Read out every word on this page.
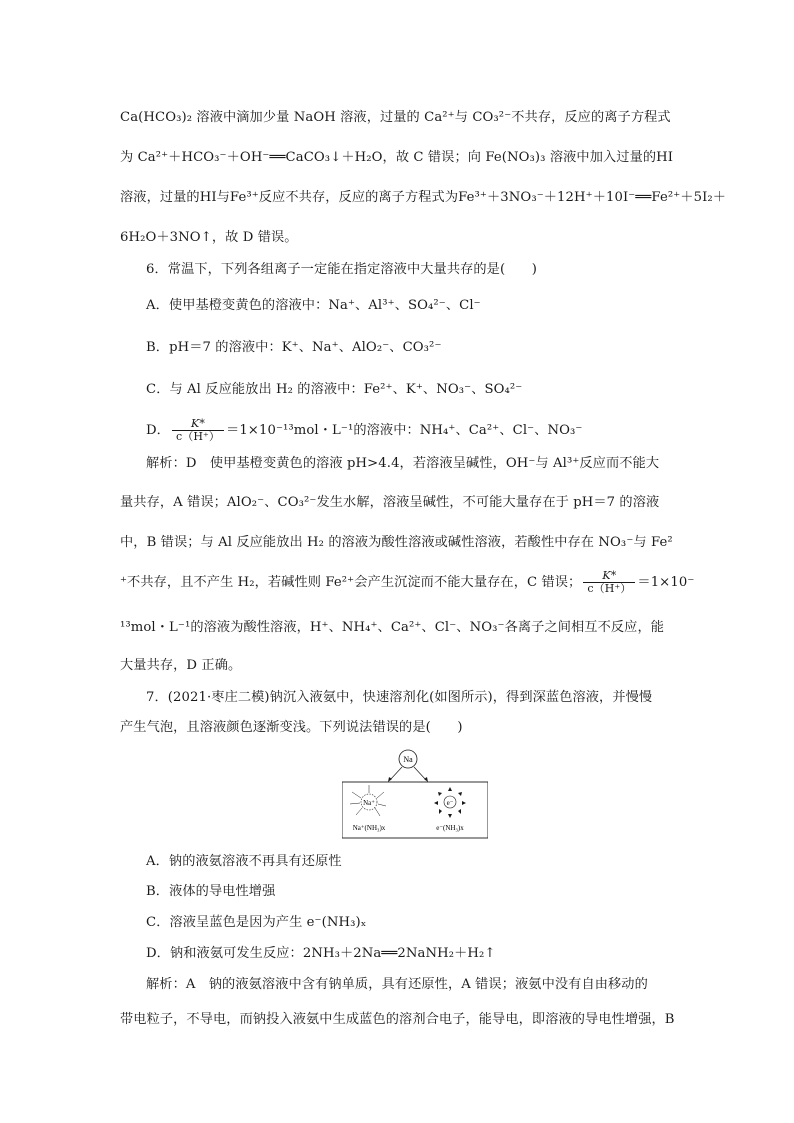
Ca(HCO₃)₂ 溶液中滴加少量 NaOH 溶液，过量的 Ca²⁺与 CO₃²⁻不共存，反应的离子方程式
为 Ca²⁺＋HCO₃⁻＋OH⁻══CaCO₃↓＋H₂O，故 C 错误；向 Fe(NO₃)₃ 溶液中加入过量的HI
溶液，过量的HI与Fe³⁺反应不共存，反应的离子方程式为Fe³⁺＋3NO₃⁻＋12H⁺＋10I⁻══Fe²⁺＋5I₂＋
6H₂O＋3NO↑，故 D 错误。
6．常温下，下列各组离子一定能在指定溶液中大量共存的是(　　)
A．使甲基橙变黄色的溶液中：Na⁺、Al³⁺、SO₄²⁻、Cl⁻
B．pH＝7 的溶液中：K⁺、Na⁺、AlO₂⁻、CO₃²⁻
C．与 Al 反应能放出 H₂ 的溶液中：Fe²⁺、K⁺、NO₃⁻、SO₄²⁻
D． $\frac{K*}{c(H^+)} =1\times 10^{-13}mol$・L⁻¹的溶液中：NH₄⁺、Ca²⁺、Cl⁻、NO₃⁻
解析：D　使甲基橙变黄色的溶液 pH>4.4，若溶液呈碱性，OH⁻与 Al³⁺反应而不能大
量共存，A 错误；AlO₂⁻、CO₃²⁻发生水解，溶液呈碱性，不可能大量存在于 pH＝7 的溶液
中，B 错误；与 Al 反应能放出 H₂ 的溶液为酸性溶液或碱性溶液，若酸性中存在 NO₃⁻与 Fe²
⁺不共存，且不产生 H₂，若碱性则 Fe²⁺会产生沉淀而不能大量存在，C 错误； $\frac{K*}{c(H^+)} =1\times 10^-$
¹³mol・L⁻¹的溶液为酸性溶液，H⁺、NH₄⁺、Ca²⁺、Cl⁻、NO₃⁻各离子之间相互不反应，能
大量共存，D 正确。
7．(2021·枣庄二模)钠沉入液氨中，快速溶剂化(如图所示)，得到深蓝色溶液，并慢慢
产生气泡，且溶液颜色逐渐变浅。下列说法错误的是(　　)
Na
Na⁺
Na⁺(NH₃)x
e⁻
e⁻(NH₃)x
A．钠的液氨溶液不再具有还原性
B．液体的导电性增强
C．溶液呈蓝色是因为产生 e⁻(NH₃)ₓ
D．钠和液氨可发生反应：2NH₃＋2Na══2NaNH₂＋H₂↑
解析：A　钠的液氨溶液中含有钠单质，具有还原性，A 错误；液氨中没有自由移动的
带电粒子，不导电，而钠投入液氨中生成蓝色的溶剂合电子，能导电，即溶液的导电性增强，B
